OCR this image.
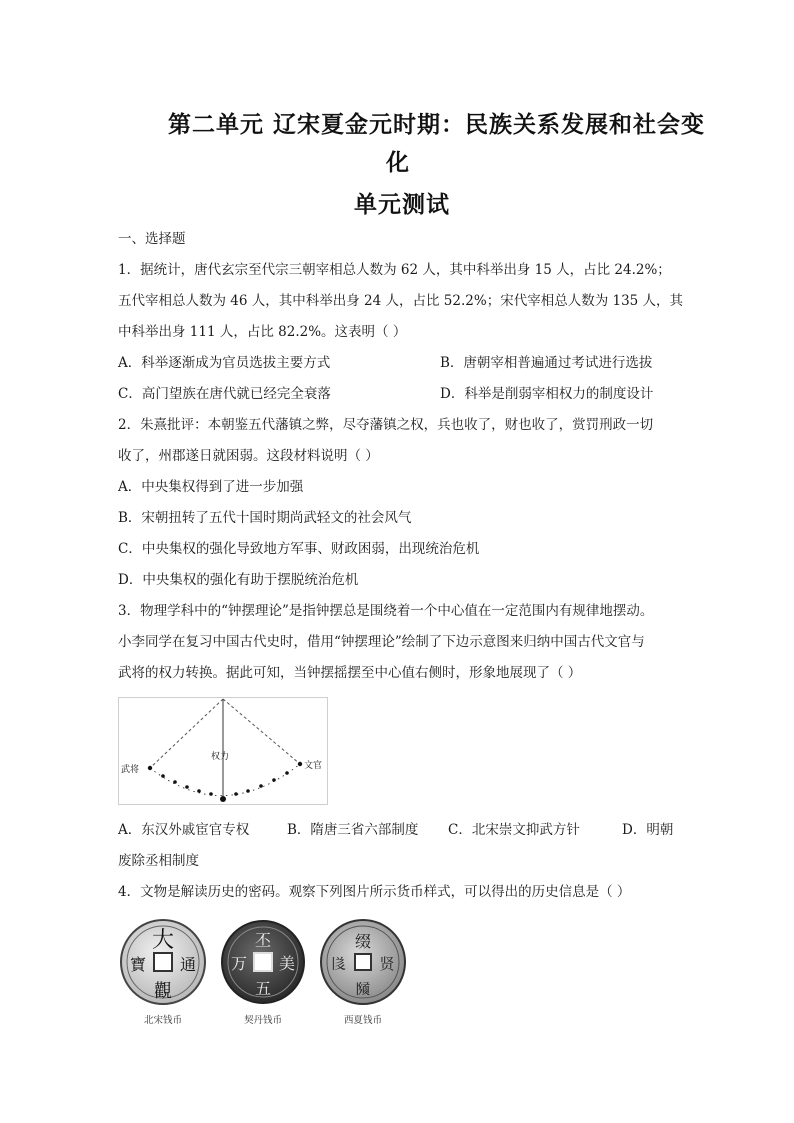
第二单元 辽宋夏金元时期：民族关系发展和社会变
化
单元测试
一、选择题
1．据统计，唐代玄宗至代宗三朝宰相总人数为 62 人，其中科举出身 15 人，占比 24.2%；
五代宰相总人数为 46 人，其中科举出身 24 人，占比 52.2%；宋代宰相总人数为 135 人，其
中科举出身 111 人，占比 82.2%。这表明（ ）
A．科举逐渐成为官员选拔主要方式	B．唐朝宰相普遍通过考试进行选拔
C．高门望族在唐代就已经完全衰落	D．科举是削弱宰相权力的制度设计
2．朱熹批评：本朝鉴五代藩镇之弊，尽夺藩镇之权，兵也收了，财也收了，赏罚刑政一切
收了，州郡遂日就困弱。这段材料说明（ ）
A．中央集权得到了进一步加强
B．宋朝扭转了五代十国时期尚武轻文的社会风气
C．中央集权的强化导致地方军事、财政困弱，出现统治危机
D．中央集权的强化有助于摆脱统治危机
3．物理学科中的“钟摆理论”是指钟摆总是围绕着一个中心值在一定范围内有规律地摆动。
小李同学在复习中国古代史时，借用“钟摆理论”绘制了下边示意图来归纳中国古代文官与
武将的权力转换。据此可知，当钟摆摇摆至中心值右侧时，形象地展现了（ ）
武将
权力
文官
A．东汉外戚宦官专权	B．隋唐三省六部制度 C．北宋崇文抑武方针	D．明朝
废除丞相制度
4．文物是解读历史的密码。观察下列图片所示货币样式，可以得出的历史信息是（ ）
大
通
觀
寶
丕
美
五
万
缀
贤
𗂧
𗁅
北宋钱币	契丹钱币	西夏钱币
